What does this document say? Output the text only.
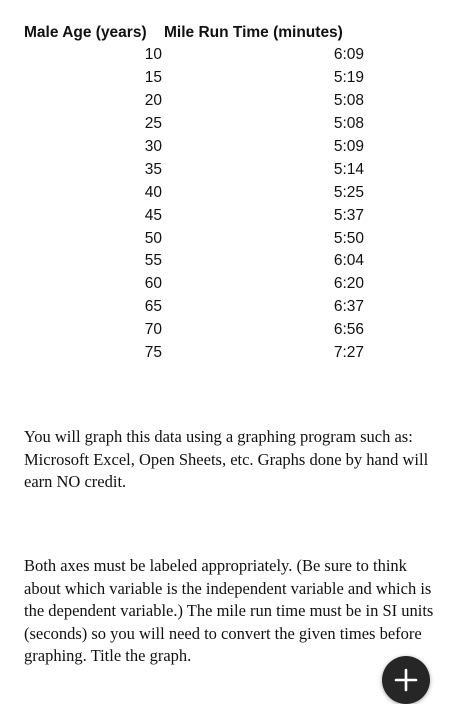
Male Age (years)	Mile Run Time (minutes)
10	6:09
15	5:19
20	5:08
25	5:08
30	5:09
35	5:14
40	5:25
45	5:37
50	5:50
55	6:04
60	6:20
65	6:37
70	6:56
75	7:27

You will graph this data using a graphing program such as: Microsoft Excel, Open Sheets, etc. Graphs done by hand will earn NO credit.

Both axes must be labeled appropriately. (Be sure to think about which variable is the independent variable and which is the dependent variable.) The mile run time must be in SI units (seconds) so you will need to convert the given times before graphing. Title the graph.
